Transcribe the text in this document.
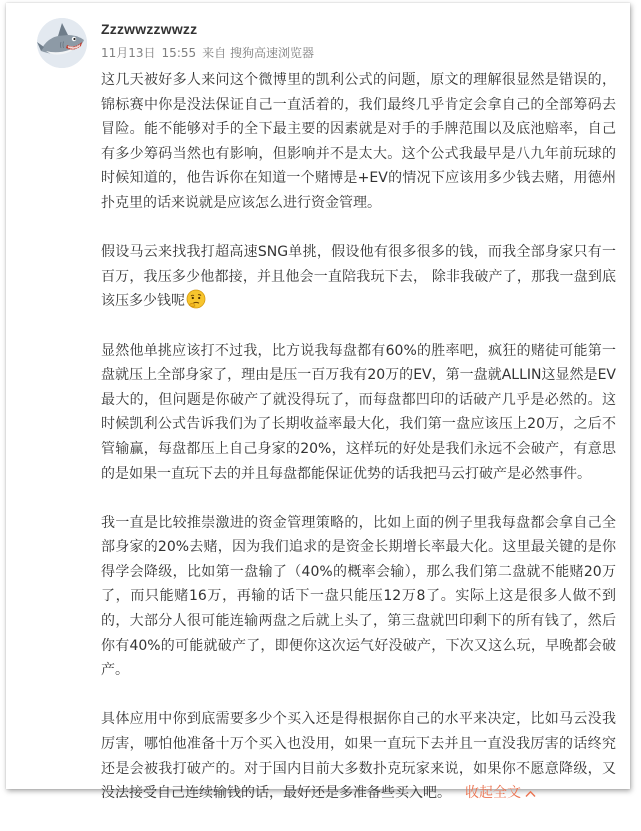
Zzzwwzzwwzz
11月13日 15:55 来自 搜狗高速浏览器

这几天被好多人来问这个微博里的凯利公式的问题，原文的理解很显然是错误的，锦标赛中你是没法保证自己一直活着的，我们最终几乎肯定会拿自己的全部筹码去冒险。能不能够对手的全下最主要的因素就是对手的手牌范围以及底池赔率，自己有多少筹码当然也有影响，但影响并不是太大。这个公式我最早是八九年前玩球的时候知道的，他告诉你在知道一个赌博是+EV的情况下应该用多少钱去赌，用德州扑克里的话来说就是应该怎么进行资金管理。

假设马云来找我打超高速SNG单挑，假设他有很多很多的钱，而我全部身家只有一百万，我压多少他都接，并且他会一直陪我玩下去， 除非我破产了，那我一盘到底该压多少钱呢

显然他单挑应该打不过我，比方说我每盘都有60%的胜率吧，疯狂的赌徒可能第一盘就压上全部身家了，理由是压一百万我有20万的EV，第一盘就ALLIN这显然是EV最大的，但问题是你破产了就没得玩了，而每盘都凹印的话破产几乎是必然的。这时候凯利公式告诉我们为了长期收益率最大化，我们第一盘应该压上20万，之后不管输赢，每盘都压上自己身家的20%，这样玩的好处是我们永远不会破产，有意思的是如果一直玩下去的并且每盘都能保证优势的话我把马云打破产是必然事件。

我一直是比较推崇激进的资金管理策略的，比如上面的例子里我每盘都会拿自己全部身家的20%去赌，因为我们追求的是资金长期增长率最大化。这里最关键的是你得学会降级，比如第一盘输了（40%的概率会输），那么我们第二盘就不能赌20万了，而只能赌16万，再输的话下一盘只能压12万8了。实际上这是很多人做不到的，大部分人很可能连输两盘之后就上头了，第三盘就凹印剩下的所有钱了，然后你有40%的可能就破产了，即便你这次运气好没破产，下次又这么玩，早晚都会破产。

具体应用中你到底需要多少个买入还是得根据你自己的水平来决定，比如马云没我厉害，哪怕他准备十万个买入也没用，如果一直玩下去并且一直没我厉害的话终究还是会被我打破产的。对于国内目前大多数扑克玩家来说，如果你不愿意降级，又没法接受自己连续输钱的话，最好还是多准备些买入吧。 收起全文
